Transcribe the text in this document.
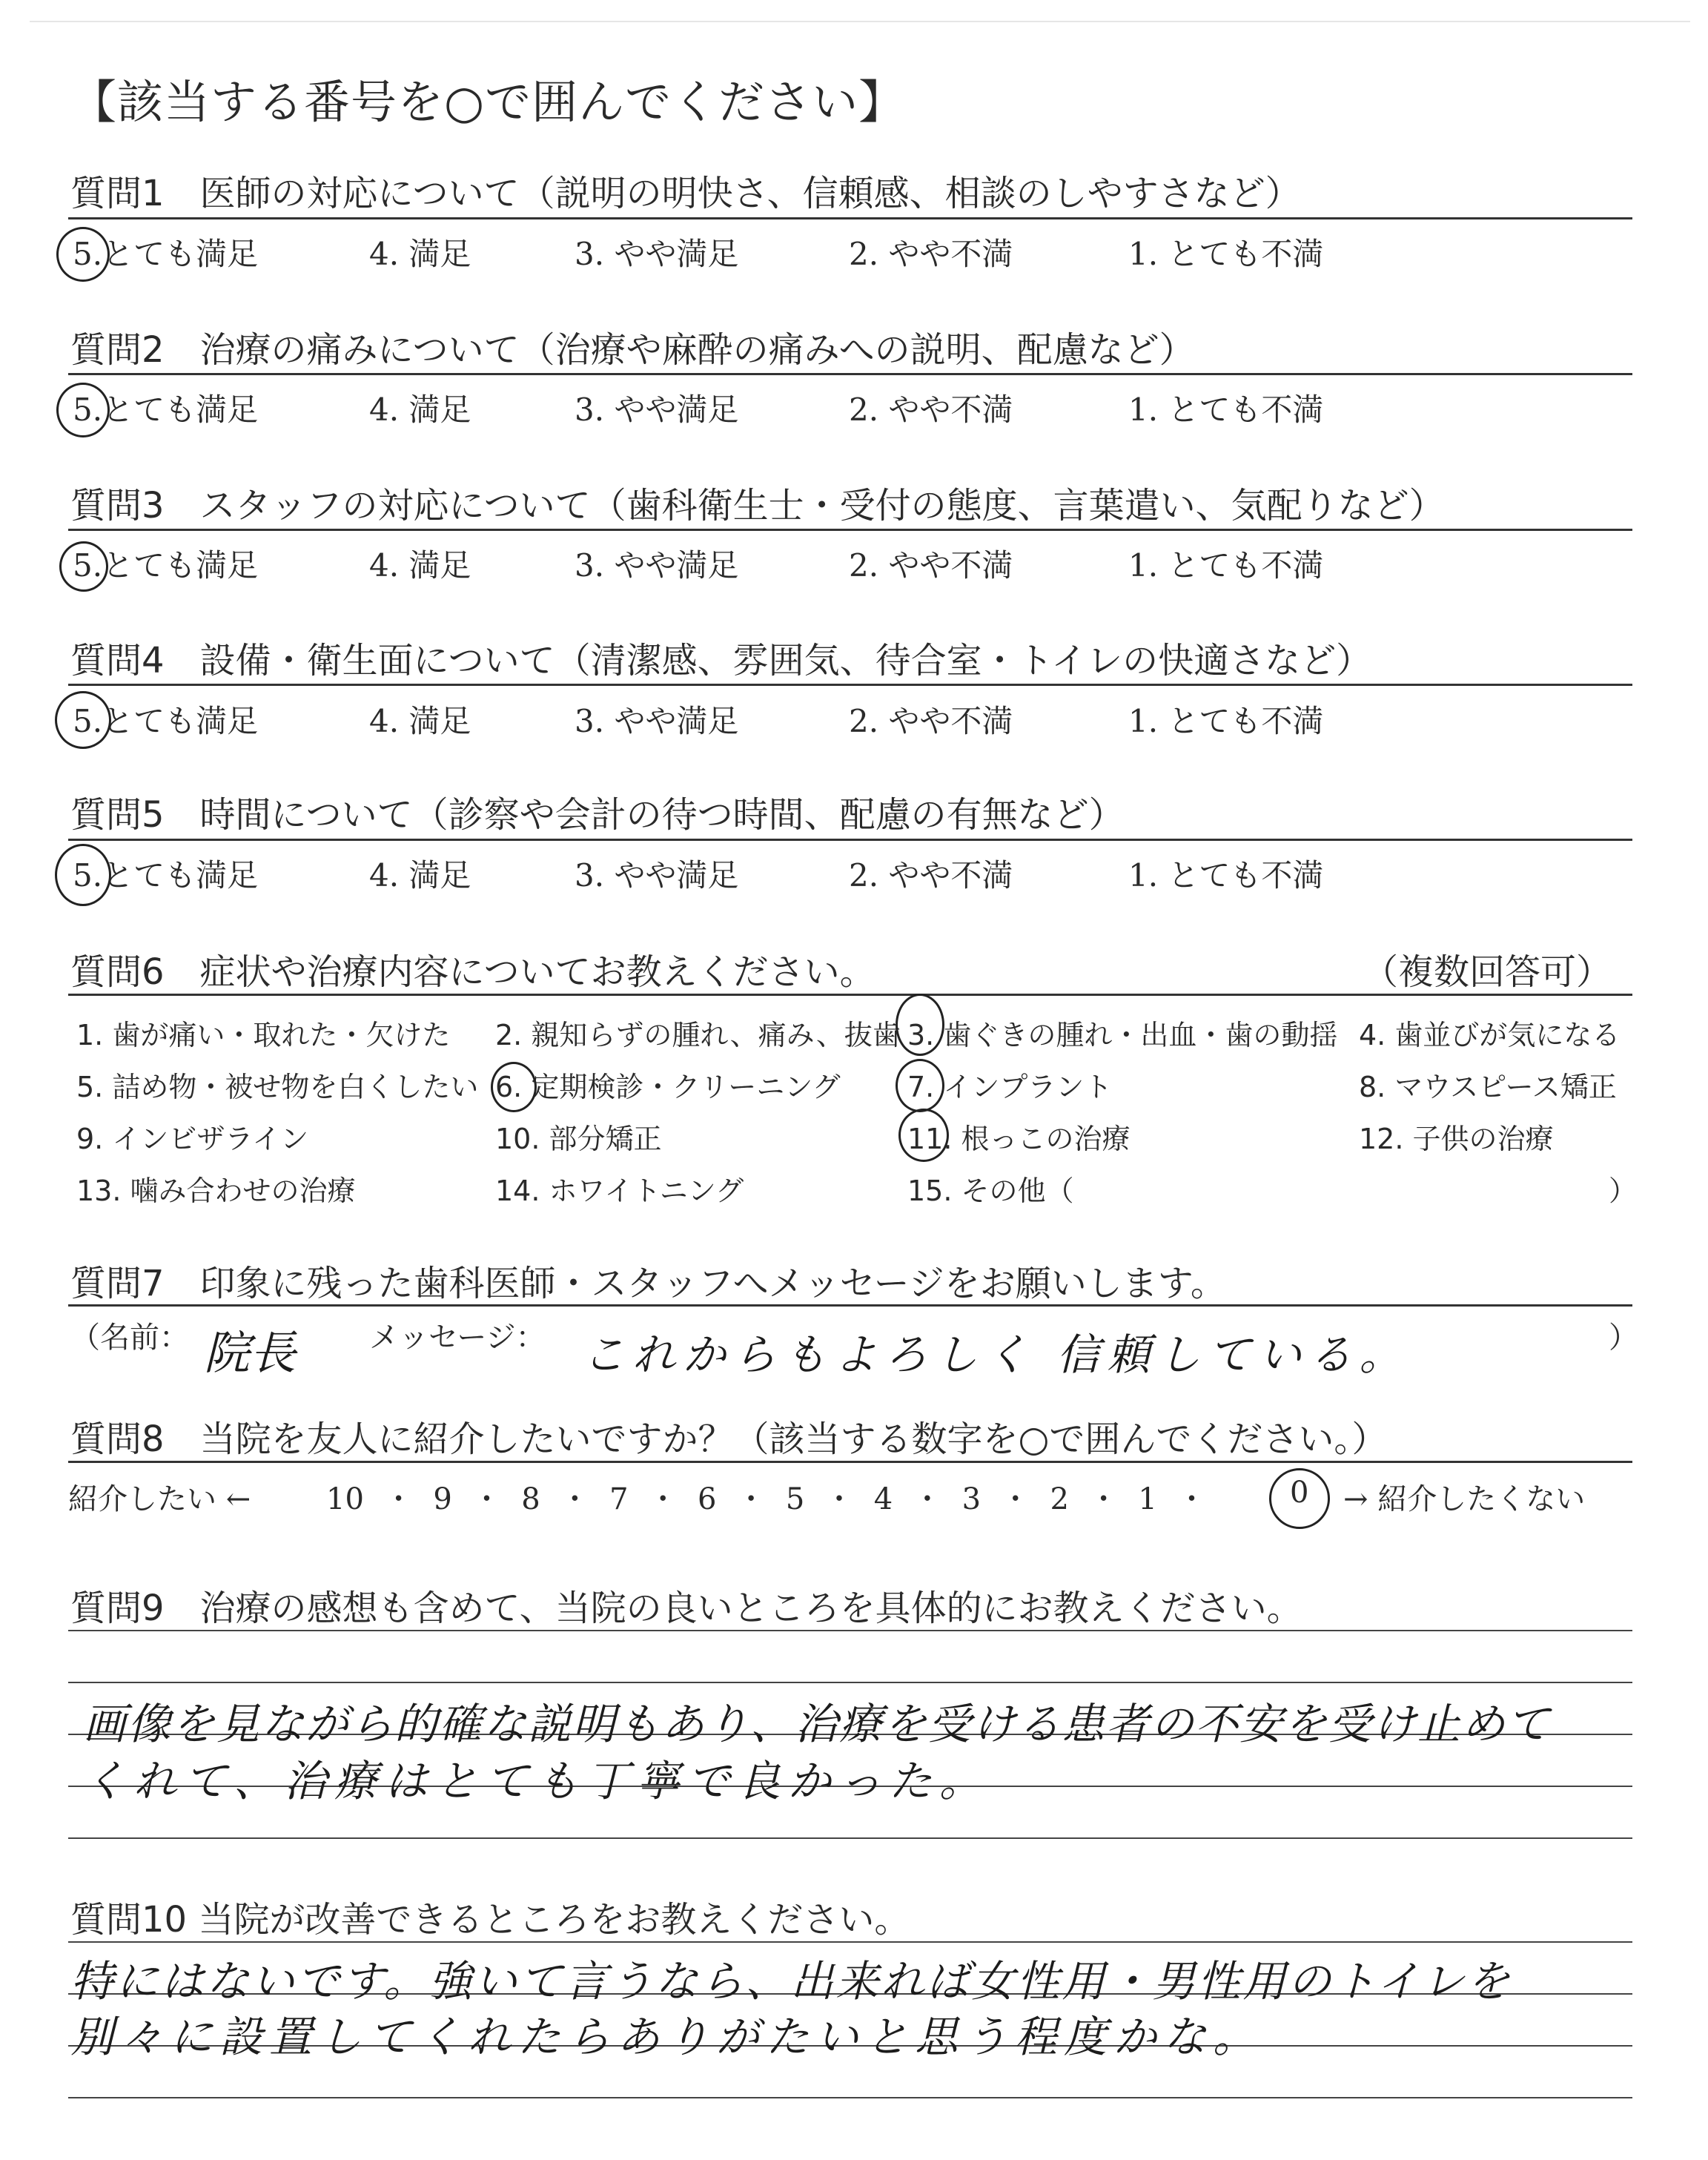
【該当する番号を○で囲んでください】
質問1　医師の対応について（説明の明快さ、信頼感、相談のしやすさなど）
5.とても満足	4. 満足	3. やや満足	2. やや不満	1. とても不満
質問2　治療の痛みについて（治療や麻酔の痛みへの説明、配慮など）
5.とても満足	4. 満足	3. やや満足	2. やや不満	1. とても不満
質問3　スタッフの対応について（歯科衛生士・受付の態度、言葉遣い、気配りなど）
5.とても満足	4. 満足	3. やや満足	2. やや不満	1. とても不満
質問4　設備・衛生面について（清潔感、雰囲気、待合室・トイレの快適さなど）
5.とても満足	4. 満足	3. やや満足	2. やや不満	1. とても不満
質問5　時間について（診察や会計の待つ時間、配慮の有無など）
5.とても満足	4. 満足	3. やや満足	2. やや不満	1. とても不満
質問6　症状や治療内容についてお教えください。	（複数回答可）
1. 歯が痛い・取れた・欠けた 2. 親知らずの腫れ、痛み、抜歯 3. 歯ぐきの腫れ・出血・歯の動揺 4. 歯並びが気になる
5. 詰め物・被せ物を白くしたい 6. 定期検診・クリーニング 7. インプラント	8. マウスピース矯正
9. インビザライン	10. 部分矯正	11. 根っこの治療	12. 子供の治療
13. 噛み合わせの治療	14. ホワイトニング	15. その他（	）
質問7　印象に残った歯科医師・スタッフへメッセージをお願いします。
（名前： 院長 メッセージ： これからもよろしく 信頼している。	）
質問8　当院を友人に紹介したいですか？（該当する数字を○で囲んでください。）
紹介したい ←	10 ・ 9 ・ 8 ・ 7 ・ 6 ・ 5 ・ 4 ・ 3 ・ 2 ・ 1 ・	0 → 紹介したくない
質問9　治療の感想も含めて、当院の良いところを具体的にお教えください。
画像を見ながら的確な説明もあり、治療を受ける患者の不安を受け止めて
くれて、治療はとても丁寧で良かった。
質問10 当院が改善できるところをお教えください。
特にはないです。強いて言うなら、出来れば女性用・男性用のトイレを
別々に設置してくれたらありがたいと思う程度かな。
